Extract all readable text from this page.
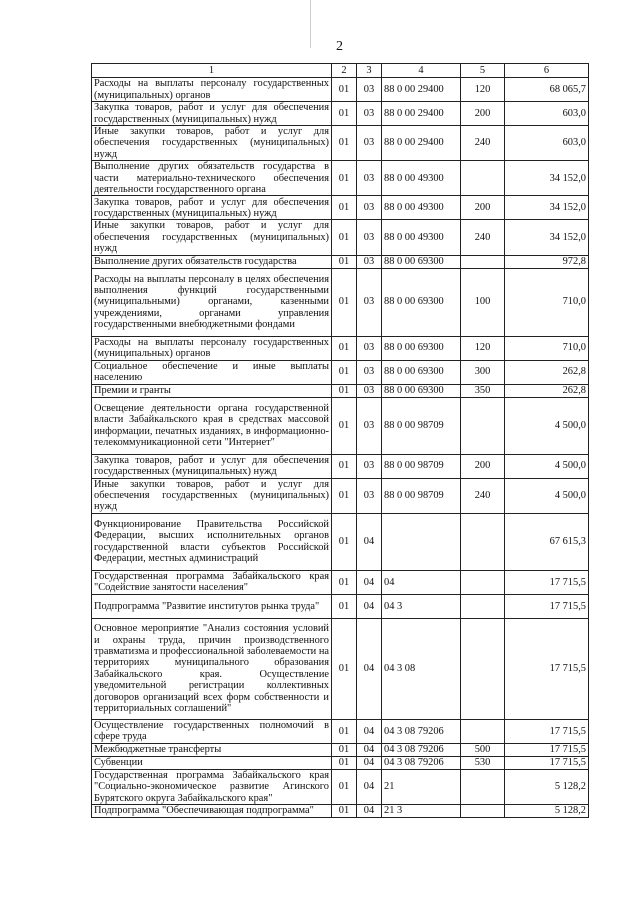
2
1	2	3	4	5	6
Расходы на выплаты персоналу государственных (муниципальных) органов	01	03	88 0 00 29400	120	68 065,7
Закупка товаров, работ и услуг для обеспечения государственных (муниципальных) нужд	01	03	88 0 00 29400	200	603,0
Иные закупки товаров, работ и услуг для обеспечения государственных (муниципальных) нужд	01	03	88 0 00 29400	240	603,0
Выполнение других обязательств государства в части материально-технического обеспечения деятельности государственного органа	01	03	88 0 00 49300		34 152,0
Закупка товаров, работ и услуг для обеспечения государственных (муниципальных) нужд	01	03	88 0 00 49300	200	34 152,0
Иные закупки товаров, работ и услуг для обеспечения государственных (муниципальных) нужд	01	03	88 0 00 49300	240	34 152,0
Выполнение других обязательств государства	01	03	88 0 00 69300		972,8
Расходы на выплаты персоналу в целях обеспечения выполнения функций государственными (муниципальными) органами, казенными учреждениями, органами управления государственными внебюджетными фондами	01	03	88 0 00 69300	100	710,0
Расходы на выплаты персоналу государственных (муниципальных) органов	01	03	88 0 00 69300	120	710,0
Социальное обеспечение и иные выплаты населению	01	03	88 0 00 69300	300	262,8
Премии и гранты	01	03	88 0 00 69300	350	262,8
Освещение деятельности органа государственной власти Забайкальского края в средствах массовой информации, печатных изданиях, в информационно-телекоммуникационной сети "Интернет"	01	03	88 0 00 98709		4 500,0
Закупка товаров, работ и услуг для обеспечения государственных (муниципальных) нужд	01	03	88 0 00 98709	200	4 500,0
Иные закупки товаров, работ и услуг для обеспечения государственных (муниципальных) нужд	01	03	88 0 00 98709	240	4 500,0
Функционирование Правительства Российской Федерации, высших исполнительных органов государственной власти субъектов Российской Федерации, местных администраций	01	04			67 615,3
Государственная программа Забайкальского края "Содействие занятости населения"	01	04	04		17 715,5
Подпрограмма "Развитие институтов рынка труда"	01	04	04 3		17 715,5
Основное мероприятие "Анализ состояния условий и охраны труда, причин производственного травматизма и профессиональной заболеваемости на территориях муниципального образования Забайкальского края. Осуществление уведомительной регистрации коллективных договоров организаций всех форм собственности и территориальных соглашений"	01	04	04 3 08		17 715,5
Осуществление государственных полномочий в сфере труда	01	04	04 3 08 79206		17 715,5
Межбюджетные трансферты	01	04	04 3 08 79206	500	17 715,5
Субвенции	01	04	04 3 08 79206	530	17 715,5
Государственная программа Забайкальского края "Социально-экономическое развитие Агинского Бурятского округа Забайкальского края"	01	04	21		5 128,2
Подпрограмма "Обеспечивающая подпрограмма"	01	04	21 3		5 128,2
